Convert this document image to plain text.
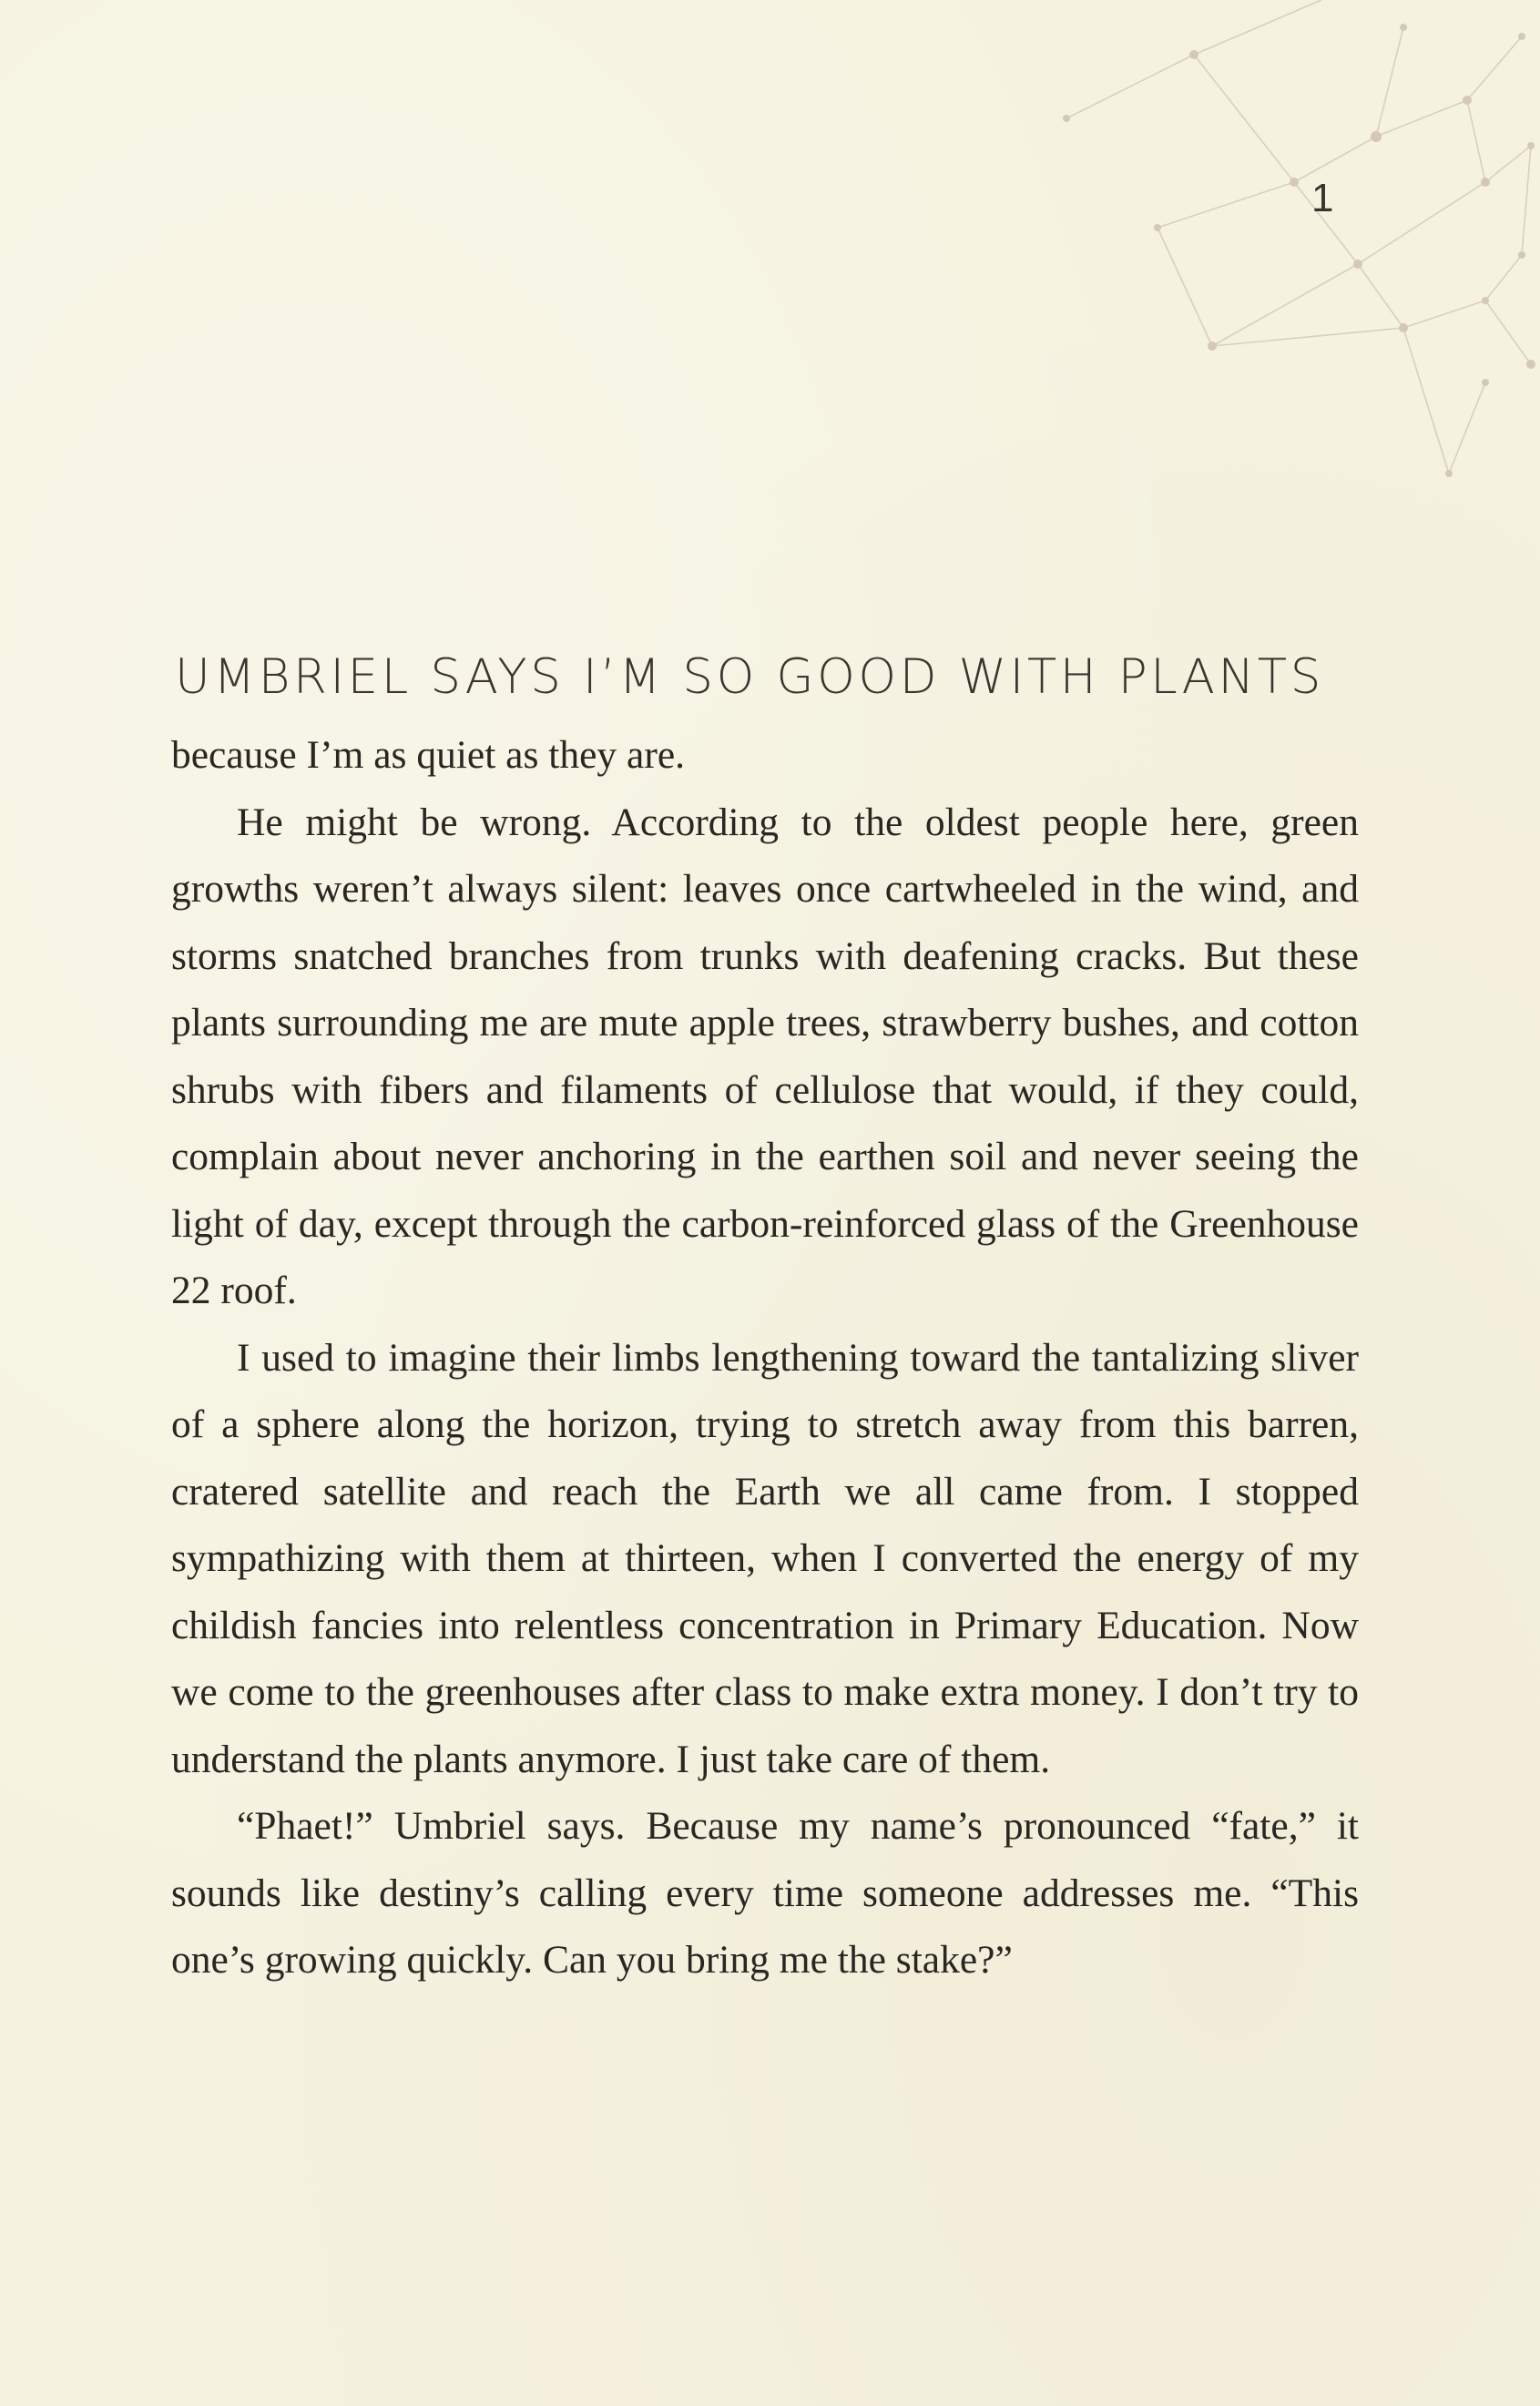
1
UMBRIEL SAYS I’M SO GOOD WITH PLANTS

because I’m as quiet as they are.

He might be wrong. According to the oldest people here, green growths weren’t always silent: leaves once cartwheeled in the wind, and storms snatched branches from trunks with deafening cracks. But these plants surrounding me are mute apple trees, strawberry bushes, and cotton shrubs with fibers and filaments of cellulose that would, if they could, complain about never anchoring in the earthen soil and never seeing the light of day, except through the carbon-reinforced glass of the Greenhouse 22 roof.

I used to imagine their limbs lengthening toward the tantalizing sliver of a sphere along the horizon, trying to stretch away from this barren, cratered satellite and reach the Earth we all came from. I stopped sympathizing with them at thirteen, when I converted the energy of my childish fancies into relentless concentration in Primary Education. Now we come to the greenhouses after class to make extra money. I don’t try to understand the plants anymore. I just take care of them.

“Phaet!” Umbriel says. Because my name’s pronounced “fate,” it sounds like destiny’s calling every time someone addresses me. “This one’s growing quickly. Can you bring me the stake?”
